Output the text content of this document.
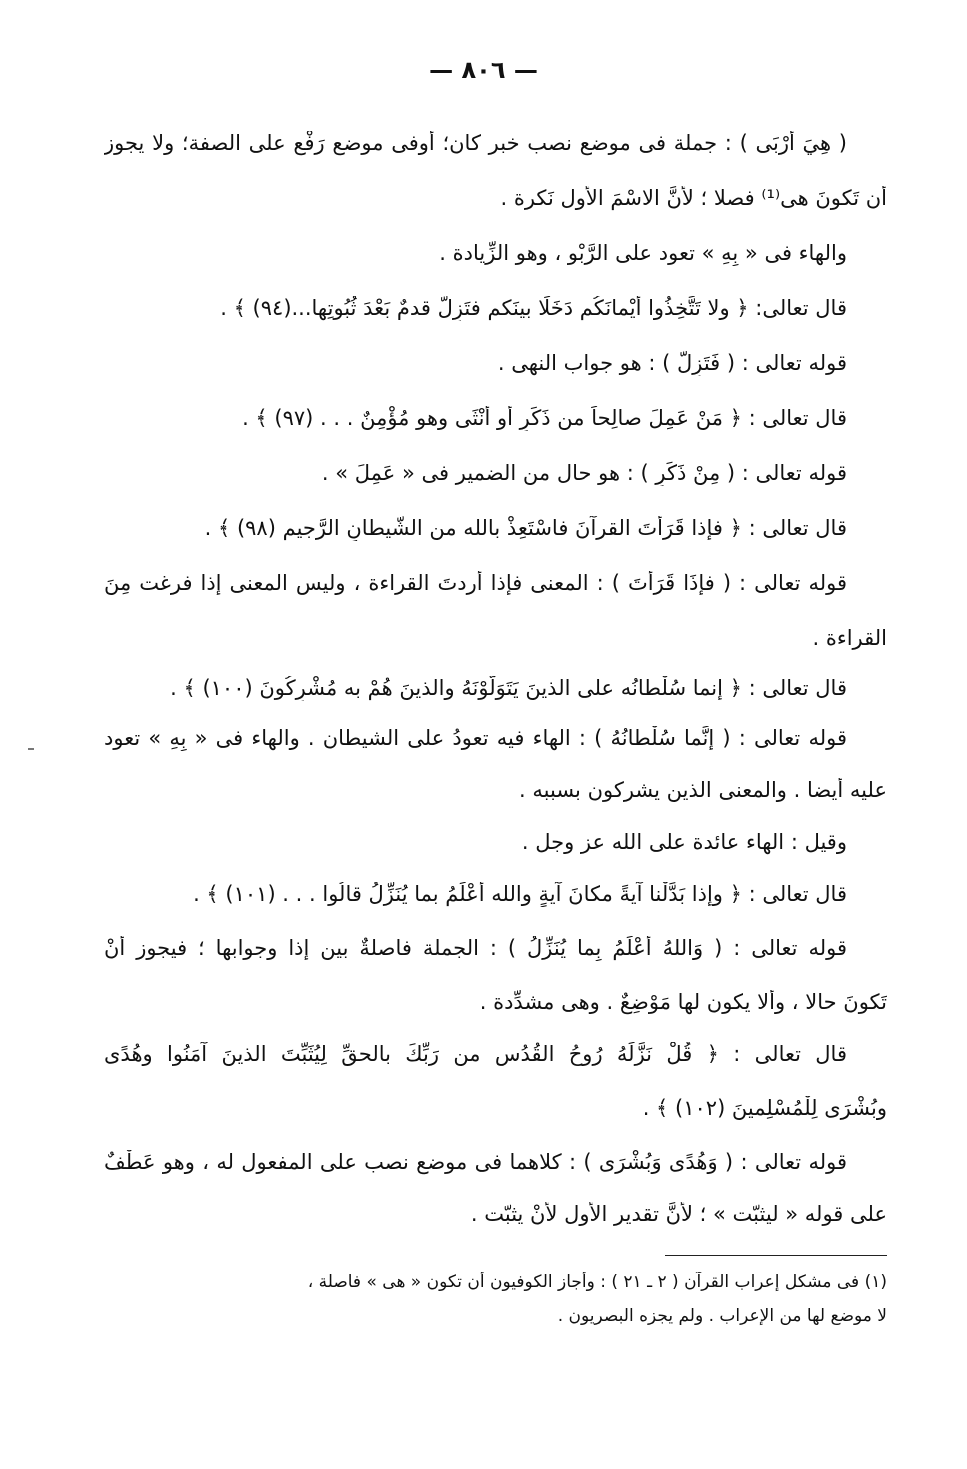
— ٨٠٦ —
( هِيَ أَرْبَى ) : جملة فى موضع نصب خبر كان؛ أوفى موضع رَفْع على الصفة؛ ولا يجوز
أن تَكونَ هى⁽¹⁾ فصلا ؛ لأنَّ الاسْمَ الأول نَكرة .
والهاء فى « بِهِ » تعود على الرَّبْو ، وهو الزِّيادة .
قال تعالى: ﴿ ولا تَتَّخِذُوا أَيْمانَكُم دَخَلًا بينَكم فتَزِلَّ قدمٌ بَعْدَ ثُبُوتِها...(٩٤) ﴾ .
قوله تعالى : ( فَتَزِلَّ ) : هو جواب النهى .
قال تعالى : ﴿ مَنْ عَمِلَ صالِحاً من ذَكَرٍ أو أُنْثَى وهو مُؤْمِنٌ . . . (٩٧) ﴾ .
قوله تعالى : ( مِنْ ذَكَرٍ ) : هو حال من الضمير فى « عَمِلَ » .
قال تعالى : ﴿ فإذا قَرَأْتَ القرآنَ فاسْتَعِذْ بالله من الشَّيطانِ الرَّجيم (٩٨) ﴾ .
قوله تعالى : ( فإذَا قَرَأْتَ ) : المعنى فإذا أردتَ القراءة ، وليس المعنى إذا فرغت مِنَ
القراءة .
قال تعالى : ﴿ إنما سُلْطانُه على الذينَ يَتَوَلَّوْنَهُ والذينَ هُمْ به مُشْرِكُونَ (١٠٠) ﴾ .
قوله تعالى : ( إنَّما سُلْطانُهُ ) : الهاء فيه تعودُ على الشيطان . والهاء فى « بِهِ » تعود
عليه أيضا . والمعنى الذين يشركون بسببه .
وقيل : الهاء عائدة على الله عز وجل .
قال تعالى : ﴿ وإذا بَدَّلْنا آيةً مكانَ آيةٍ والله أَعْلَمُ بما يُنَزِّلُ قالُوا . . . (١٠١) ﴾ .
قوله تعالى : ( وَاللهُ أَعْلَمُ بِما يُنَزِّلُ ) : الجملة فاصلةٌ بين إذا وجوابها ؛ فيجوز أَنْ
تَكونَ حالا ، وألا يكون لها مَوْضِعٌ . وهى مشدِّدة .
قال تعالى : ﴿ قُلْ نَزَّلَهُ رُوحُ القُدُسِ من رَبِّكَ بالحقِّ لِيُثَبِّتَ الذينَ آمَنُوا وهُدًى
وبُشْرَى لِلْمُسْلِمينَ (١٠٢) ﴾ .
قوله تعالى : ( وَهُدًى وَبُشْرَى ) : كلاهما فى موضع نصب على المفعول له ، وهو عَطْفٌ
على قوله « ليثبّت » ؛ لأنَّ تقدير الأول لأَنْ يثبّت .
(١) فى مشكل إعراب القرآن ( ٢ ـ ٢١ ) : وأجاز الكوفيون أن تكون « هى » فاصلة ،
لا موضع لها من الإعراب . ولم يجزه البصريون .
